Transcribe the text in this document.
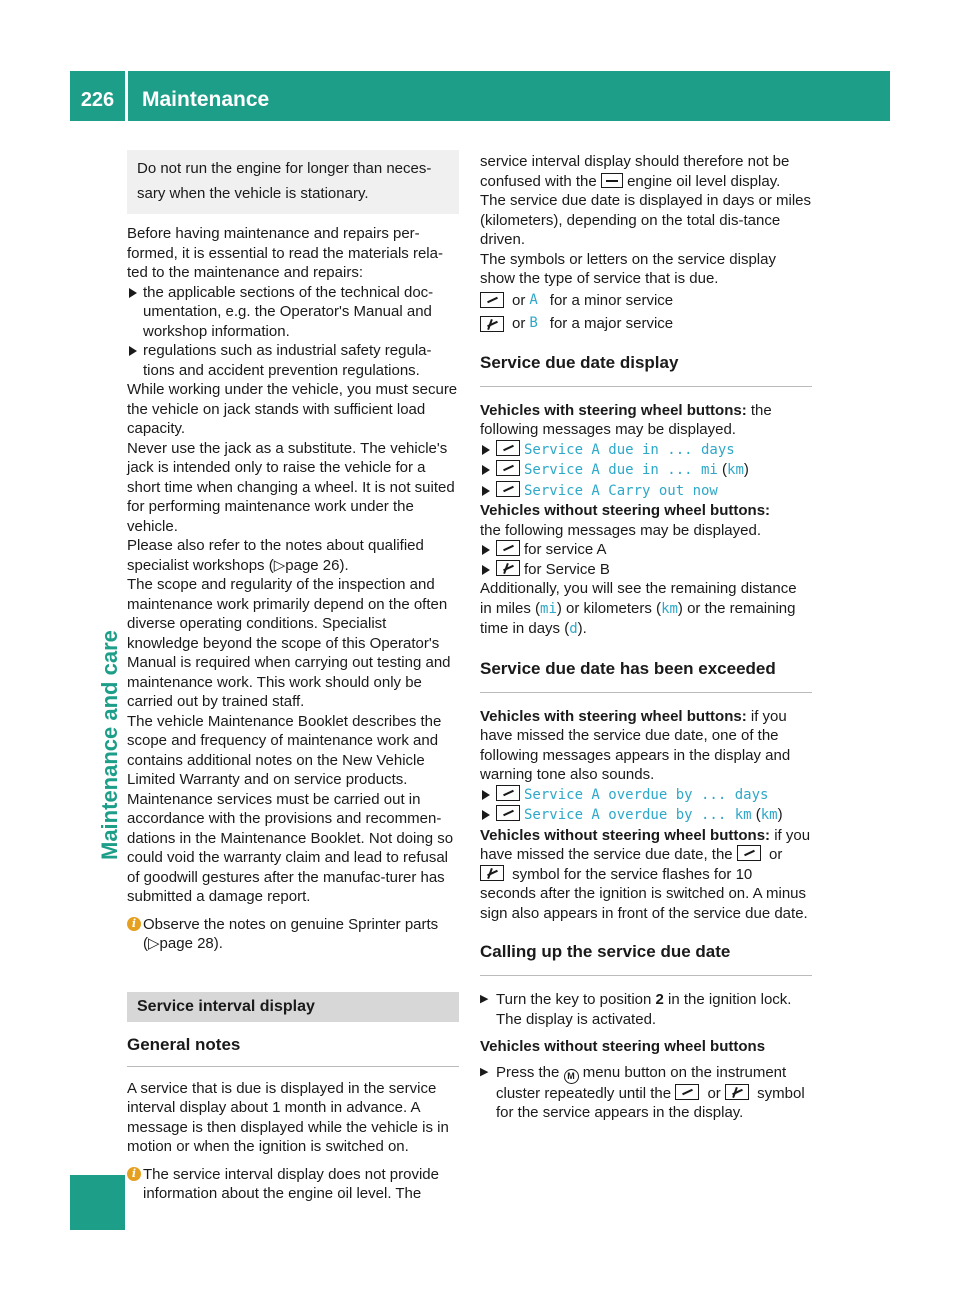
226	Maintenance
Maintenance and care
Do not run the engine for longer than neces-sary when the vehicle is stationary.

Before having maintenance and repairs per-formed, it is essential to read the materials rela-ted to the maintenance and repairs:

the applicable sections of the technical doc-umentation, e.g. the Operator's Manual and workshop information.
regulations such as industrial safety regula-tions and accident prevention regulations.

While working under the vehicle, you must secure the vehicle on jack stands with sufficient load capacity.

Never use the jack as a substitute. The vehicle's jack is intended only to raise the vehicle for a short time when changing a wheel. It is not suited for performing maintenance work under the vehicle.

Please also refer to the notes about qualified specialist workshops (▷page 26).

The scope and regularity of the inspection and maintenance work primarily depend on the often diverse operating conditions. Specialist knowledge beyond the scope of this Operator's Manual is required when carrying out testing and maintenance work. This work should only be carried out by trained staff.

The vehicle Maintenance Booklet describes the scope and frequency of maintenance work and contains additional notes on the New Vehicle Limited Warranty and on service products.

Maintenance services must be carried out in accordance with the provisions and recommen-dations in the Maintenance Booklet. Not doing so could void the warranty claim and lead to refusal of goodwill gestures after the manufac-turer has submitted a damage report.

i Observe the notes on genuine Sprinter parts (▷page 28).
Service interval display
General notes

A service that is due is displayed in the service interval display about 1 month in advance. A message is then displayed while the vehicle is in motion or when the ignition is switched on.

i The service interval display does not provide information about the engine oil level. The

service interval display should therefore not be confused with the engine oil level display.

The service due date is displayed in days or miles (kilometers), depending on the total dis-tance driven.

The symbols or letters on the service display show the type of service that is due.

or A for a minor service
or B for a major service
Service due date display

Vehicles with steering wheel buttons: the following messages may be displayed.

Service A due in ... days
Service A due in ... mi (km)
Service A Carry out now

Vehicles without steering wheel buttons:
the following messages may be displayed.

for service A
for Service B

Additionally, you will see the remaining distance in miles (mi) or kilometers (km) or the remaining time in days (d).

Service due date has been exceeded

Vehicles with steering wheel buttons: if you have missed the service due date, one of the following messages appears in the display and warning tone also sounds.

Service A overdue by ... days
Service A overdue by ... km (km)

Vehicles without steering wheel buttons: if you have missed the service due date, the or  symbol for the service flashes for 10 seconds after the ignition is switched on. A minus sign also appears in front of the service due date.

Calling up the service due date
▶ Turn the key to position 2 in the ignition lock. The display is activated.

Vehicles without steering wheel buttons

▶ Press the M menu button on the instrument cluster repeatedly until the or symbol for the service appears in the display.
